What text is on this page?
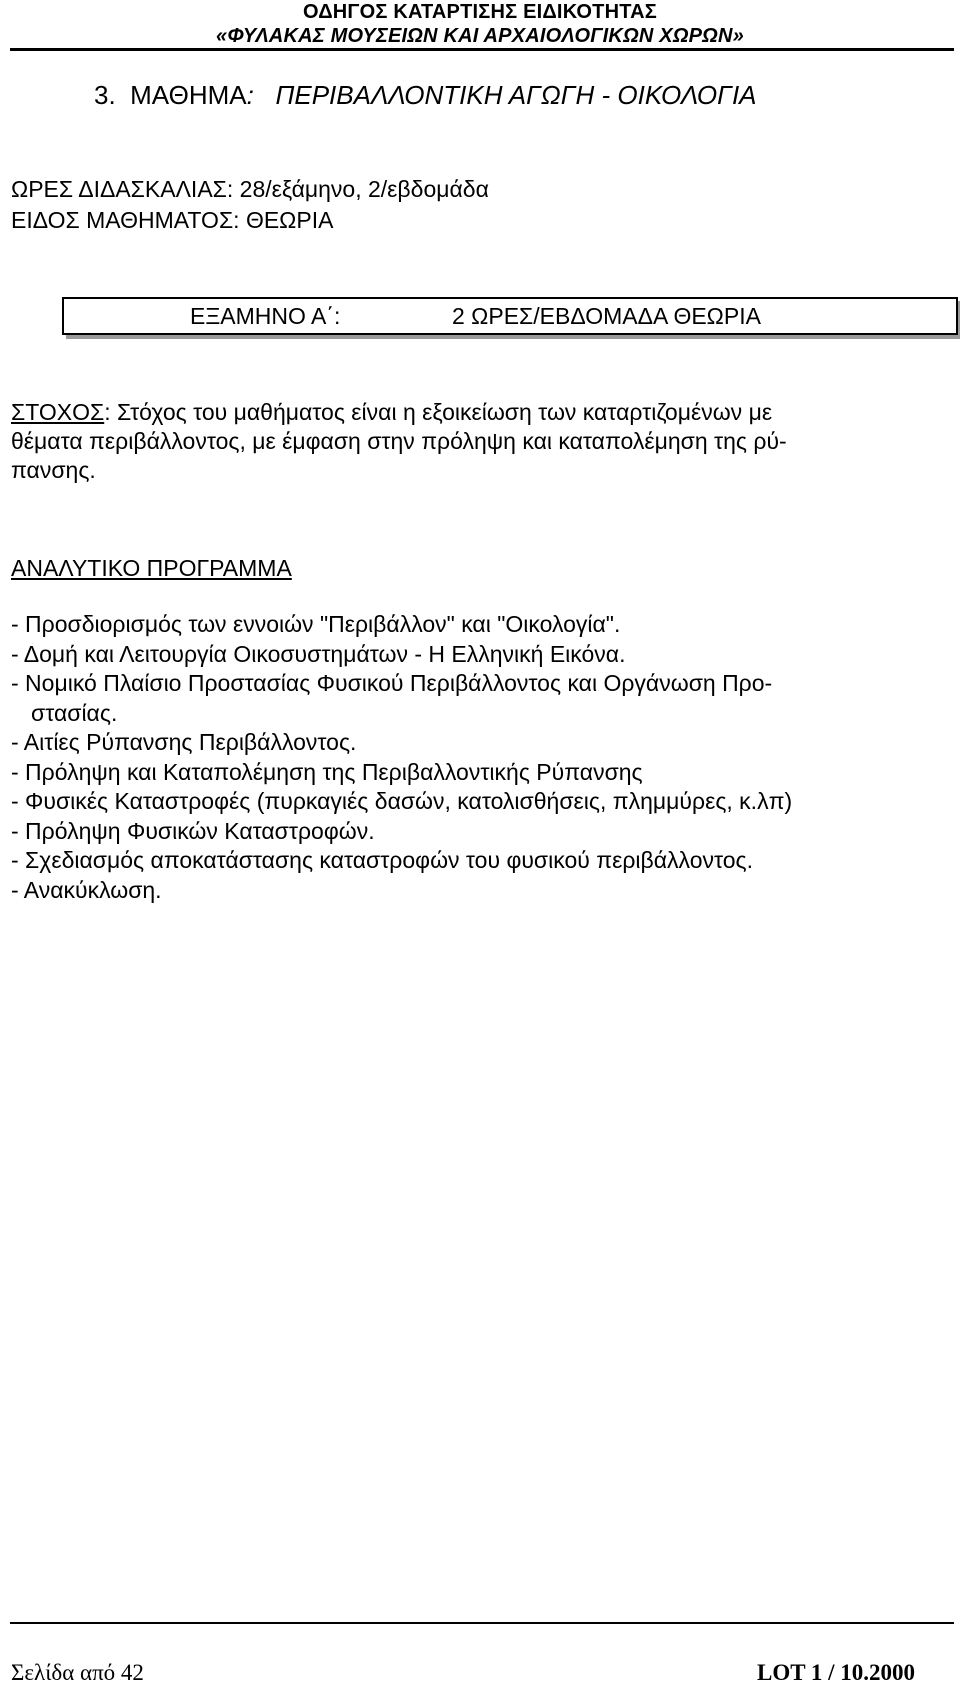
ΟΔΗΓΟΣ ΚΑΤΑΡΤΙΣΗΣ ΕΙΔΙΚΟΤΗΤΑΣ
«ΦΥΛΑΚΑΣ ΜΟΥΣΕΙΩΝ ΚΑΙ ΑΡΧΑΙΟΛΟΓΙΚΩΝ ΧΩΡΩΝ»
3. ΜΑΘΗΜΑ: ΠΕΡΙΒΑΛΛΟΝΤΙΚΗ ΑΓΩΓΗ - ΟΙΚΟΛΟΓΙΑ
ΩΡΕΣ ΔΙΔΑΣΚΑΛΙΑΣ: 28/εξάμηνο, 2/εβδομάδα
ΕΙΔΟΣ ΜΑΘΗΜΑΤΟΣ: ΘΕΩΡΙΑ
ΕΞΑΜΗΝΟ Α΄:	2 ΩΡΕΣ/ΕΒΔΟΜΑΔΑ ΘΕΩΡΙΑ
ΣΤΟΧΟΣ: Στόχος του μαθήματος είναι η εξοικείωση των καταρτιζομένων με
θέματα περιβάλλοντος, με έμφαση στην πρόληψη και καταπολέμηση της ρύ-
πανσης.
ΑΝΑΛΥΤΙΚΟ ΠΡΟΓΡΑΜΜΑ
- Προσδιορισμός των εννοιών "Περιβάλλον" και "Οικολογία".
- Δομή και Λειτουργία Οικοσυστημάτων - Η Ελληνική Εικόνα.
- Νομικό Πλαίσιο Προστασίας Φυσικού Περιβάλλοντος και Οργάνωση Προ-
στασίας.
- Αιτίες Ρύπανσης Περιβάλλοντος.
- Πρόληψη και Καταπολέμηση της Περιβαλλοντικής Ρύπανσης
- Φυσικές Καταστροφές (πυρκαγιές δασών, κατολισθήσεις, πλημμύρες, κ.λπ)
- Πρόληψη Φυσικών Καταστροφών.
- Σχεδιασμός αποκατάστασης καταστροφών του φυσικού περιβάλλοντος.
- Ανακύκλωση.
Σελίδα από 42	LOT 1 / 10.2000
